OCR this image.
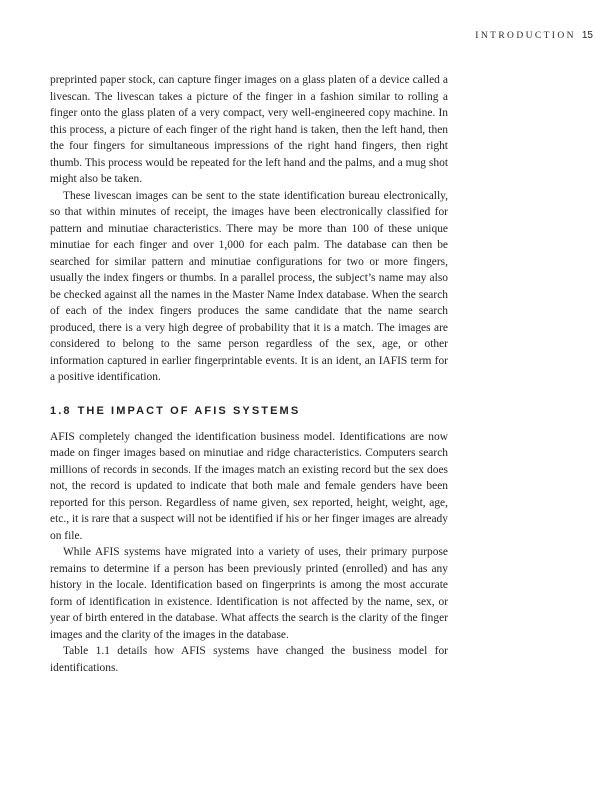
INTRODUCTION 15

preprinted paper stock, can capture finger images on a glass platen of a device called a livescan. The livescan takes a picture of the finger in a fashion similar to rolling a finger onto the glass platen of a very compact, very well-engineered copy machine. In this process, a picture of each finger of the right hand is taken, then the left hand, then the four fingers for simultaneous impressions of the right hand fingers, then right thumb. This process would be repeated for the left hand and the palms, and a mug shot might also be taken.

These livescan images can be sent to the state identification bureau electronically, so that within minutes of receipt, the images have been electronically classified for pattern and minutiae characteristics. There may be more than 100 of these unique minutiae for each finger and over 1,000 for each palm. The database can then be searched for similar pattern and minutiae configurations for two or more fingers, usually the index fingers or thumbs. In a parallel process, the subject’s name may also be checked against all the names in the Master Name Index database. When the search of each of the index fingers produces the same candidate that the name search produced, there is a very high degree of probability that it is a match. The images are considered to belong to the same person regardless of the sex, age, or other information captured in earlier fingerprintable events. It is an ident, an IAFIS term for a positive identification.

1.8 THE IMPACT OF AFIS SYSTEMS

AFIS completely changed the identification business model. Identifications are now made on finger images based on minutiae and ridge characteristics. Computers search millions of records in seconds. If the images match an existing record but the sex does not, the record is updated to indicate that both male and female genders have been reported for this person. Regardless of name given, sex reported, height, weight, age, etc., it is rare that a suspect will not be identified if his or her finger images are already on file.

While AFIS systems have migrated into a variety of uses, their primary purpose remains to determine if a person has been previously printed (enrolled) and has any history in the locale. Identification based on fingerprints is among the most accurate form of identification in existence. Identification is not affected by the name, sex, or year of birth entered in the database. What affects the search is the clarity of the finger images and the clarity of the images in the database.

Table 1.1 details how AFIS systems have changed the business model for identifications.
